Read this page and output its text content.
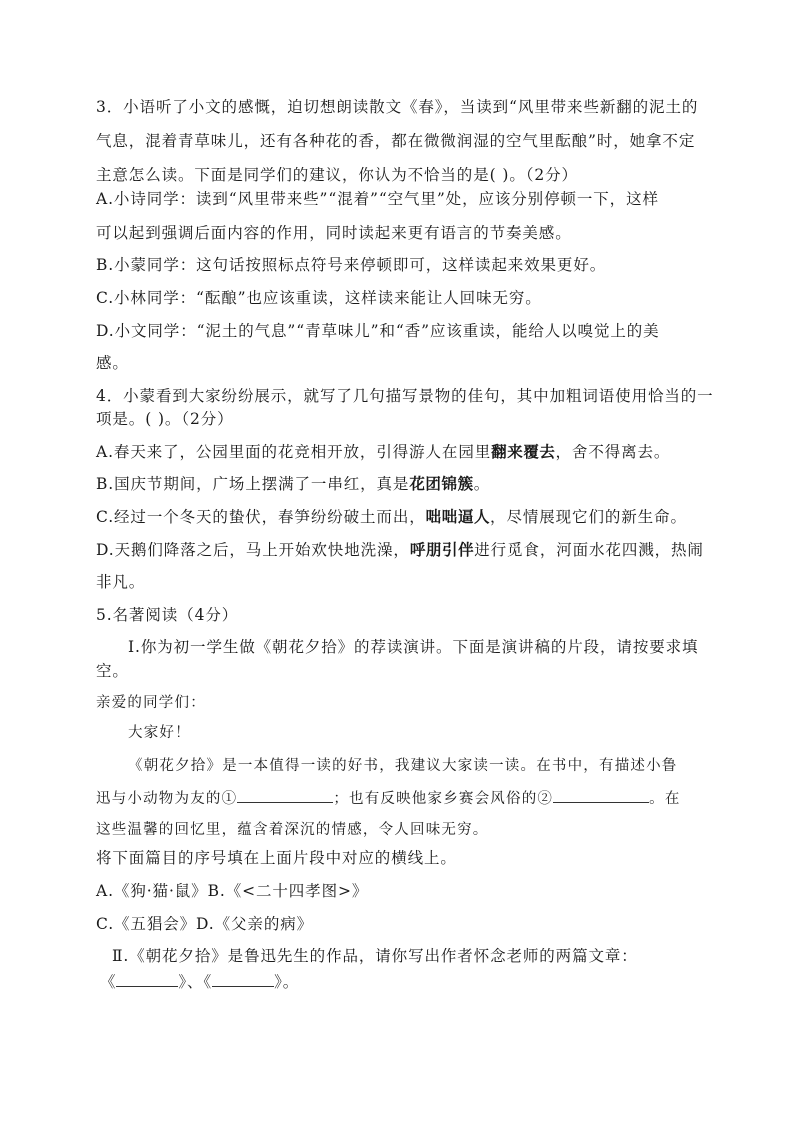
3．小语听了小文的感慨，迫切想朗读散文《春》，当读到“风里带来些新翻的泥土的
气息，混着青草味儿，还有各种花的香，都在微微润湿的空气里酝酿”时，她拿不定
主意怎么读。下面是同学们的建议，你认为不恰当的是( )。（2分）
A.小诗同学：读到“风里带来些”“混着”“空气里”处，应该分别停顿一下，这样
可以起到强调后面内容的作用，同时读起来更有语言的节奏美感。
B.小蒙同学：这句话按照标点符号来停顿即可，这样读起来效果更好。
C.小林同学：“酝酿”也应该重读，这样读来能让人回味无穷。
D.小文同学：“泥土的气息”“青草味儿”和“香”应该重读，能给人以嗅觉上的美
感。
4．小蒙看到大家纷纷展示，就写了几句描写景物的佳句，其中加粗词语使用恰当的一
项是。( )。（2分）
A.春天来了，公园里面的花竞相开放，引得游人在园里翻来覆去，舍不得离去。
B.国庆节期间，广场上摆满了一串红，真是花团锦簇。
C.经过一个冬天的蛰伏，春笋纷纷破土而出，咄咄逼人，尽情展现它们的新生命。
D.天鹅们降落之后，马上开始欢快地洗澡，呼朋引伴进行觅食，河面水花四溅，热闹
非凡。
5.名著阅读（4分）
Ⅰ.你为初一学生做《朝花夕拾》的荐读演讲。下面是演讲稿的片段，请按要求填
空。
亲爱的同学们：
大家好！
《朝花夕拾》是一本值得一读的好书，我建议大家读一读。在书中，有描述小鲁
迅与小动物为友的①	；也有反映他家乡赛会风俗的②	。在
这些温馨的回忆里，蕴含着深沉的情感，令人回味无穷。
将下面篇目的序号填在上面片段中对应的横线上。
A.《狗·猫·鼠》B.《<二十四孝图>》
C.《五猖会》D.《父亲的病》
Ⅱ.《朝花夕拾》是鲁迅先生的作品，请你写出作者怀念老师的两篇文章：
《	》、《	》。
